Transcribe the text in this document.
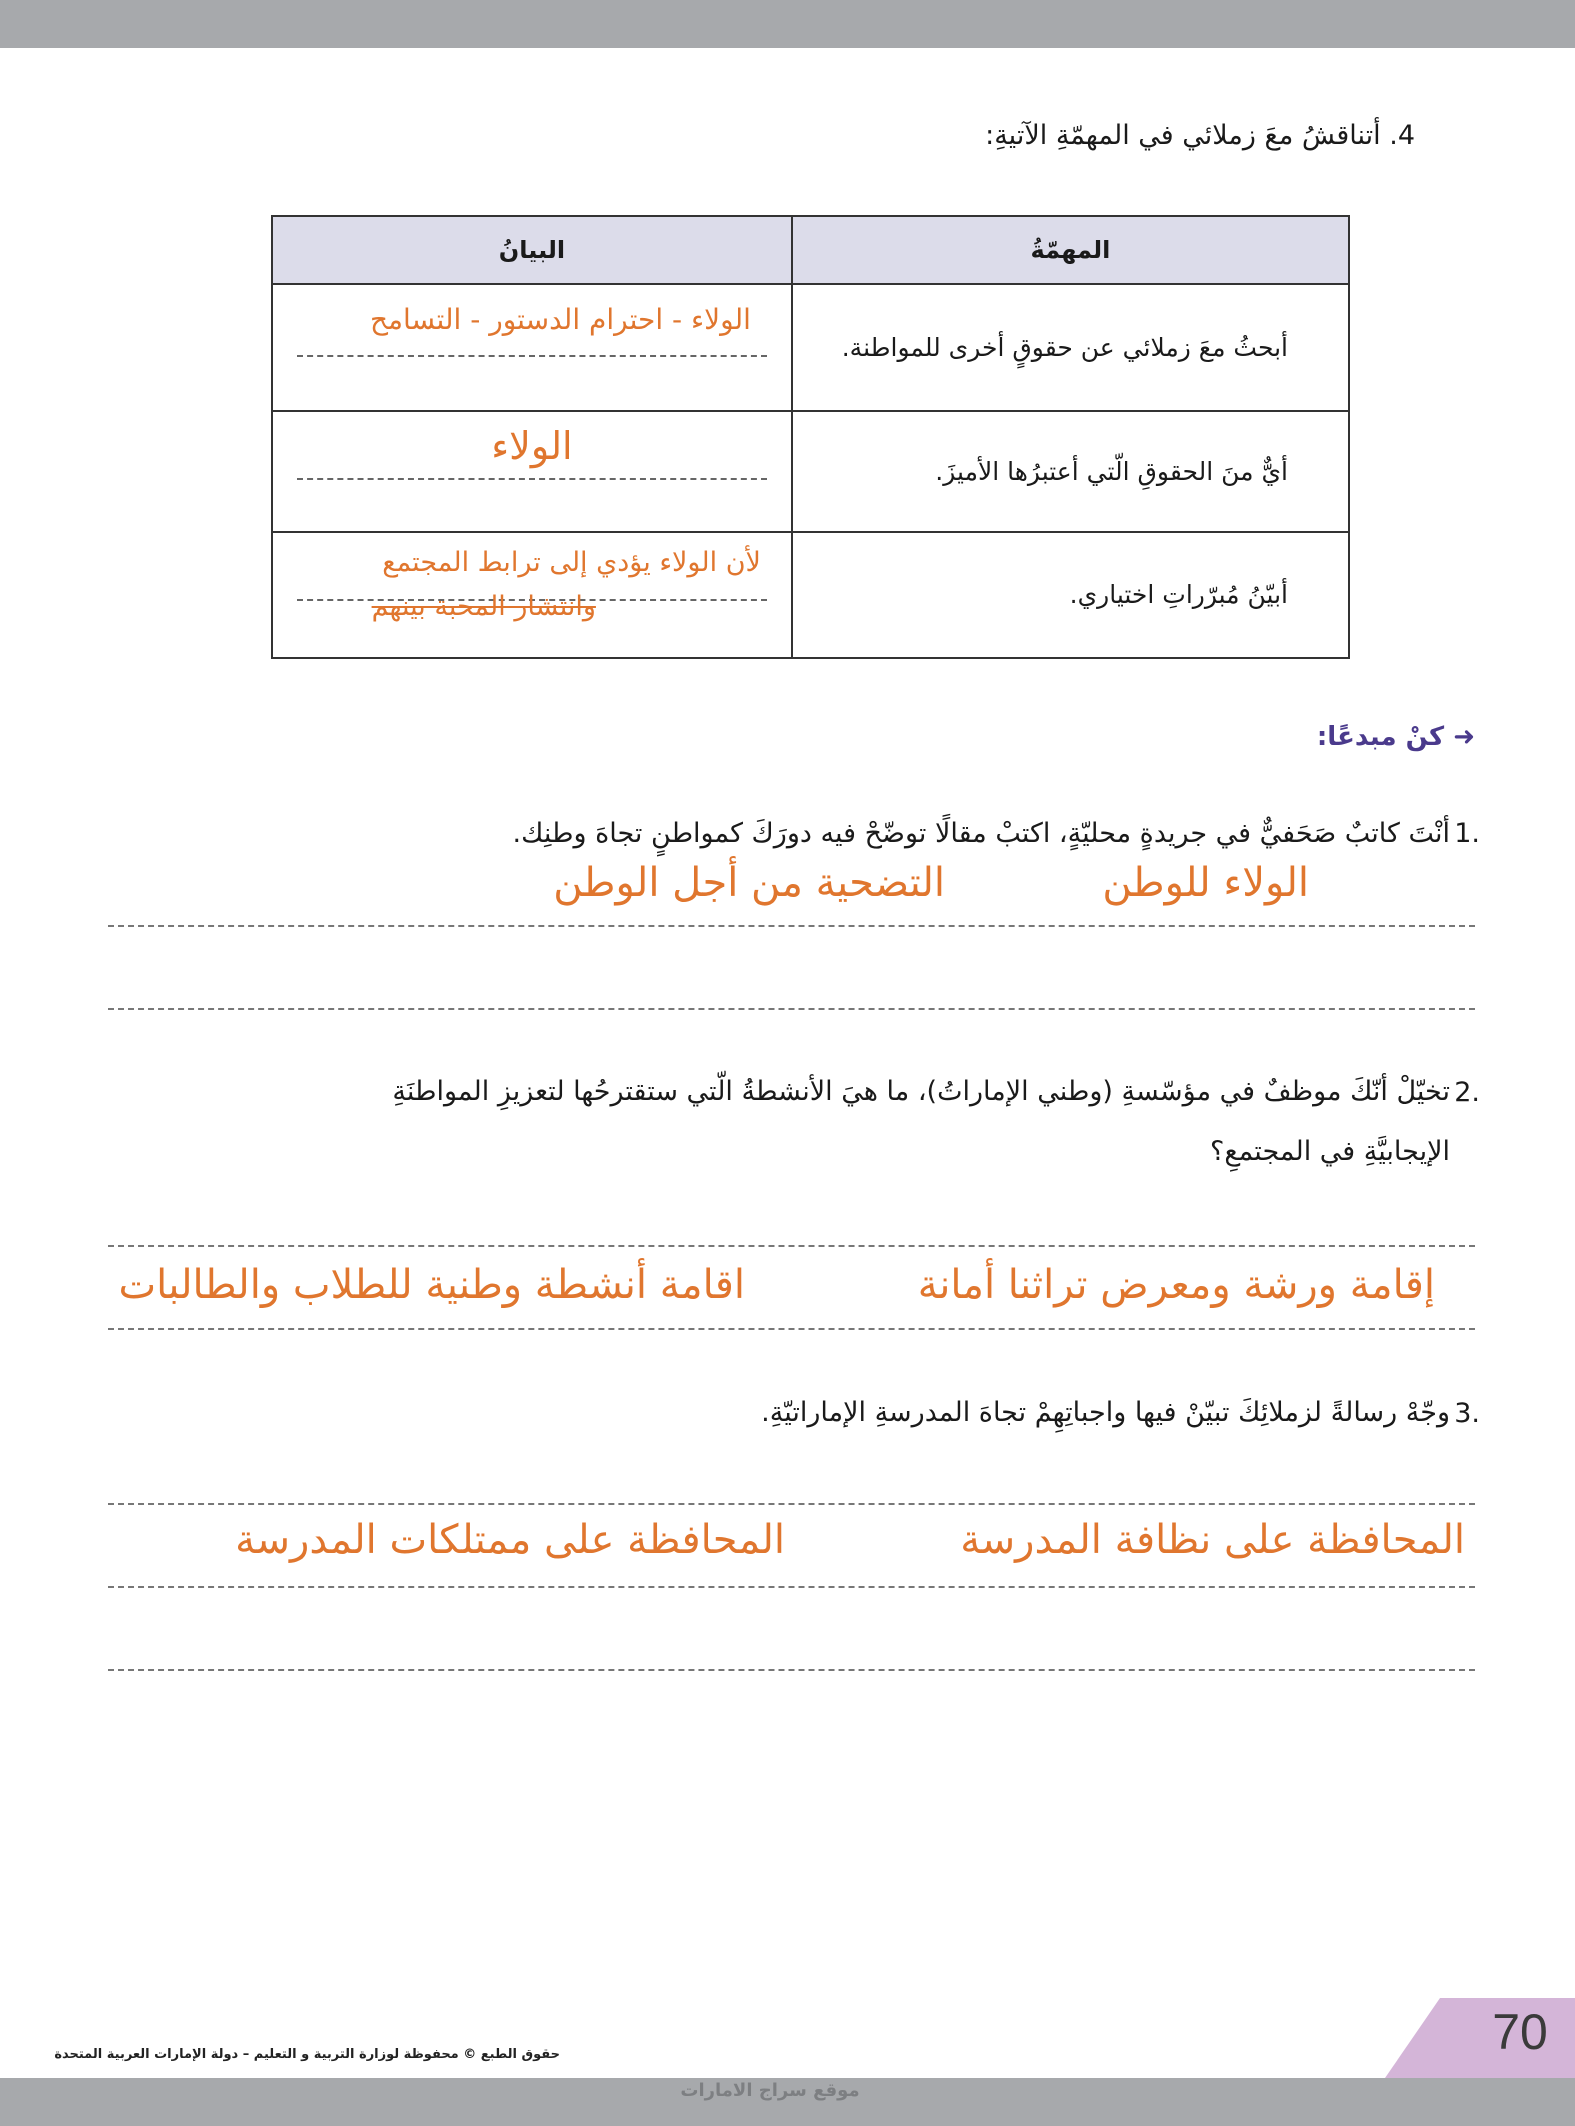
4. أتناقشُ معَ زملائي في المهمّةِ الآتيةِ:
المهمّةُ	البيانُ

أبحثُ معَ زملائي عن حقوقٍ أخرى للمواطنة.	الولاء - احترام الدستور - التسامح

أيٌّ منَ الحقوقِ الّتي أعتبرُها الأميزَ.	الولاء

أبيّنُ مُبرّراتِ اختياري.	لأن الولاء يؤدي إلى ترابط المجتمع
وانتشار المحبة بينهم
➜ كنْ مبدعًا:
1.
أنْتَ كاتبٌ صَحَفيٌّ في جريدةٍ محليّةٍ، اكتبْ مقالًا توضّحْ فيه دورَكَ كمواطنٍ تجاهَ وطنِك.
الولاء للوطن
التضحية من أجل الوطن
2.
تخيّلْ أنّكَ موظفٌ في مؤسّسةِ (وطني الإماراتُ)، ما هيَ الأنشطةُ الّتي ستقترحُها لتعزيزِ المواطنَةِ
الإيجابيَّةِ في المجتمعِ؟
إقامة ورشة ومعرض تراثنا أمانة
اقامة أنشطة وطنية للطلاب والطالبات
3.
وجّهْ رسالةً لزملائِكَ تبيّنْ فيها واجباتِهِمْ تجاهَ المدرسةِ الإماراتيّةِ.
المحافظة على نظافة المدرسة
المحافظة على ممتلكات المدرسة
حقوق الطبع © محفوظة لوزارة التربية و التعليم – دولة الإمارات العربية المتحدة	70
موقع سراج الامارات
